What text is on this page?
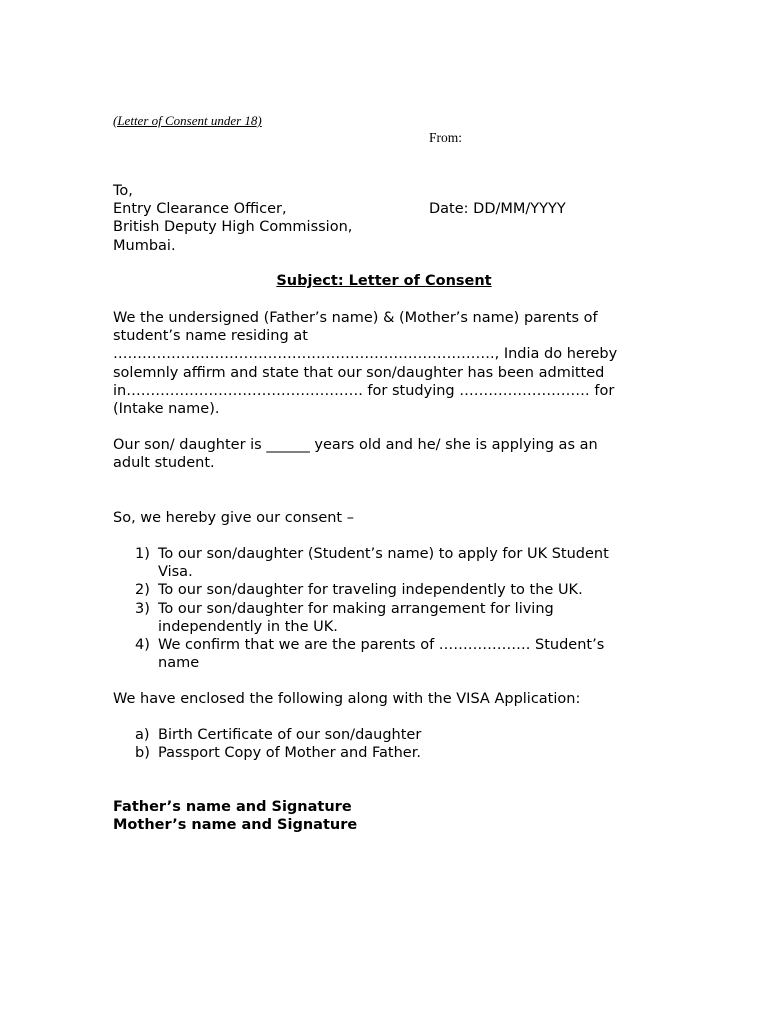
(Letter of Consent under 18)
From:
To,
Entry Clearance Officer,
British Deputy High Commission,
Mumbai.
Date: DD/MM/YYYY
Subject: Letter of Consent
We the undersigned (Father’s name) & (Mother’s name) parents of
student’s name residing at
……………………………………………………………………., India do hereby
solemnly affirm and state that our son/daughter has been admitted
in…………………………………………. for studying ……………………… for
(Intake name).
Our son/ daughter is ______ years old and he/ she is applying as an
adult student.
So, we hereby give our consent –
1) To our son/daughter (Student’s name) to apply for UK Student
Visa.
2) To our son/daughter for traveling independently to the UK.
3) To our son/daughter for making arrangement for living
independently in the UK.
4) We confirm that we are the parents of ………………. Student’s
name
We have enclosed the following along with the VISA Application:
a) Birth Certificate of our son/daughter
b) Passport Copy of Mother and Father.
Father’s name and Signature
Mother’s name and Signature
